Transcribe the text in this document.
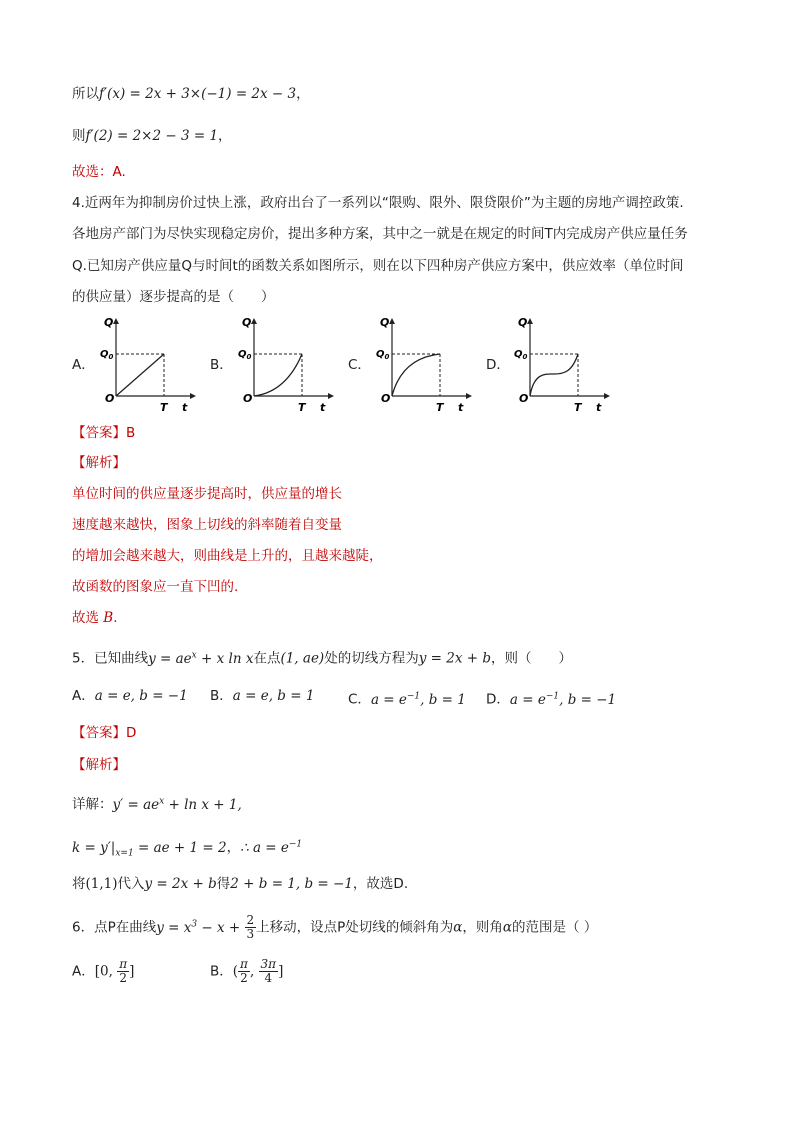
所以f′(x) = 2x + 3×(−1) = 2x − 3，
则f′(2) = 2×2 − 3 = 1，
故选：A.
4.近两年为抑制房价过快上涨，政府出台了一系列以“限购、限外、限贷限价”为主题的房地产调控政策.
各地房产部门为尽快实现稳定房价，提出多种方案，其中之一就是在规定的时间T内完成房产供应量任务
Q.已知房产供应量Q与时间t的函数关系如图所示，则在以下四种房产供应方案中，供应效率（单位时间
的供应量）逐步提高的是（　　）
A．	B．	C．	D．
Q
$Q_0$
O
T t
Q
$Q_0$
O
T t
Q
$Q_0$
O
T t
Q
$Q_0$
O
T t
【答案】B
【解析】
单位时间的供应量逐步提高时，供应量的增长
速度越来越快，图象上切线的斜率随着自变量
的增加会越来越大，则曲线是上升的，且越来越陡，
故函数的图象应一直下凹的.
故选 B.
5．已知曲线$y = ae^x + x$ ln x在点(1, ae)处的切线方程为y = 2x + b，则（　　）
A．a = e, b = −1 B．a = e, b = 1 C．$a = e^{-1}$, b = 1 D．$a = e^{-1}$, b = −1
【答案】D
【解析】
详解：$y' = ae^x + \ln x + 1$,
$k = y'|_{x=1}$ = ae + 1 = 2，∴ $a = e^{-1}$
将(1,1)代入y = 2x + b得2 + b = 1, b = −1，故选D.
6．点P在曲线$y = x^3 - x + \frac{2}{3}$ 上移动，设点P处切线的倾斜角为α，则角α的范围是（ ）
A．[0, $\frac{\pi}{2}$ ]	B．( $\frac{\pi}{2}$ , $\frac{3\pi}{4}$ ]
